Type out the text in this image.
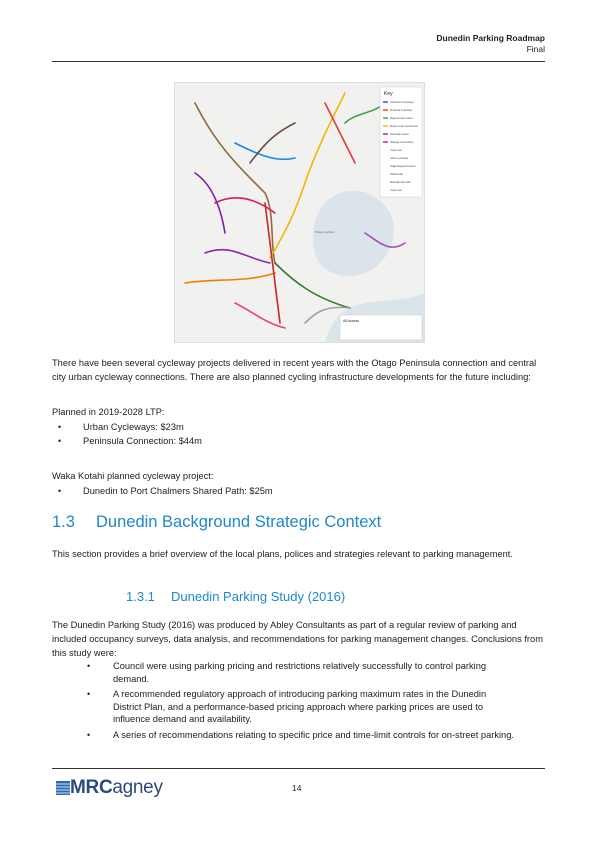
Dunedin Parking Roadmap
Final
Key
Completed Cycleways
Proposed Cycleways
Regional cycle routes
Routes under construction
Recreation routes
Strategic Connections
Cycle route
Urban cycleways
Otago Regional Council
Harbourside
Mountain bike trails
Cycle route
All Access
Otago Harbour
There have been several cycleway projects delivered in recent years with the Otago Peninsula connection and central city urban cycleway connections. There are also planned cycling infrastructure developments for the future including:
Planned in 2019-2028 LTP:
• Urban Cycleways: $23m
• Peninsula Connection: $44m
Waka Kotahi planned cycleway project:
• Dunedin to Port Chalmers Shared Path: $25m
1.3 Dunedin Background Strategic Context
This section provides a brief overview of the local plans, polices and strategies relevant to parking management.
1.3.1 Dunedin Parking Study (2016)
The Dunedin Parking Study (2016) was produced by Abley Consultants as part of a regular review of parking and included occupancy surveys, data analysis, and recommendations for parking management changes. Conclusions from this study were:
• Council were using parking pricing and restrictions relatively successfully to control parking demand.
• A recommended regulatory approach of introducing parking maximum rates in the Dunedin District Plan, and a performance-based pricing approach where parking prices are used to influence demand and availability.
• A series of recommendations relating to specific price and time-limit controls for on-street parking.
MRCagney	14
